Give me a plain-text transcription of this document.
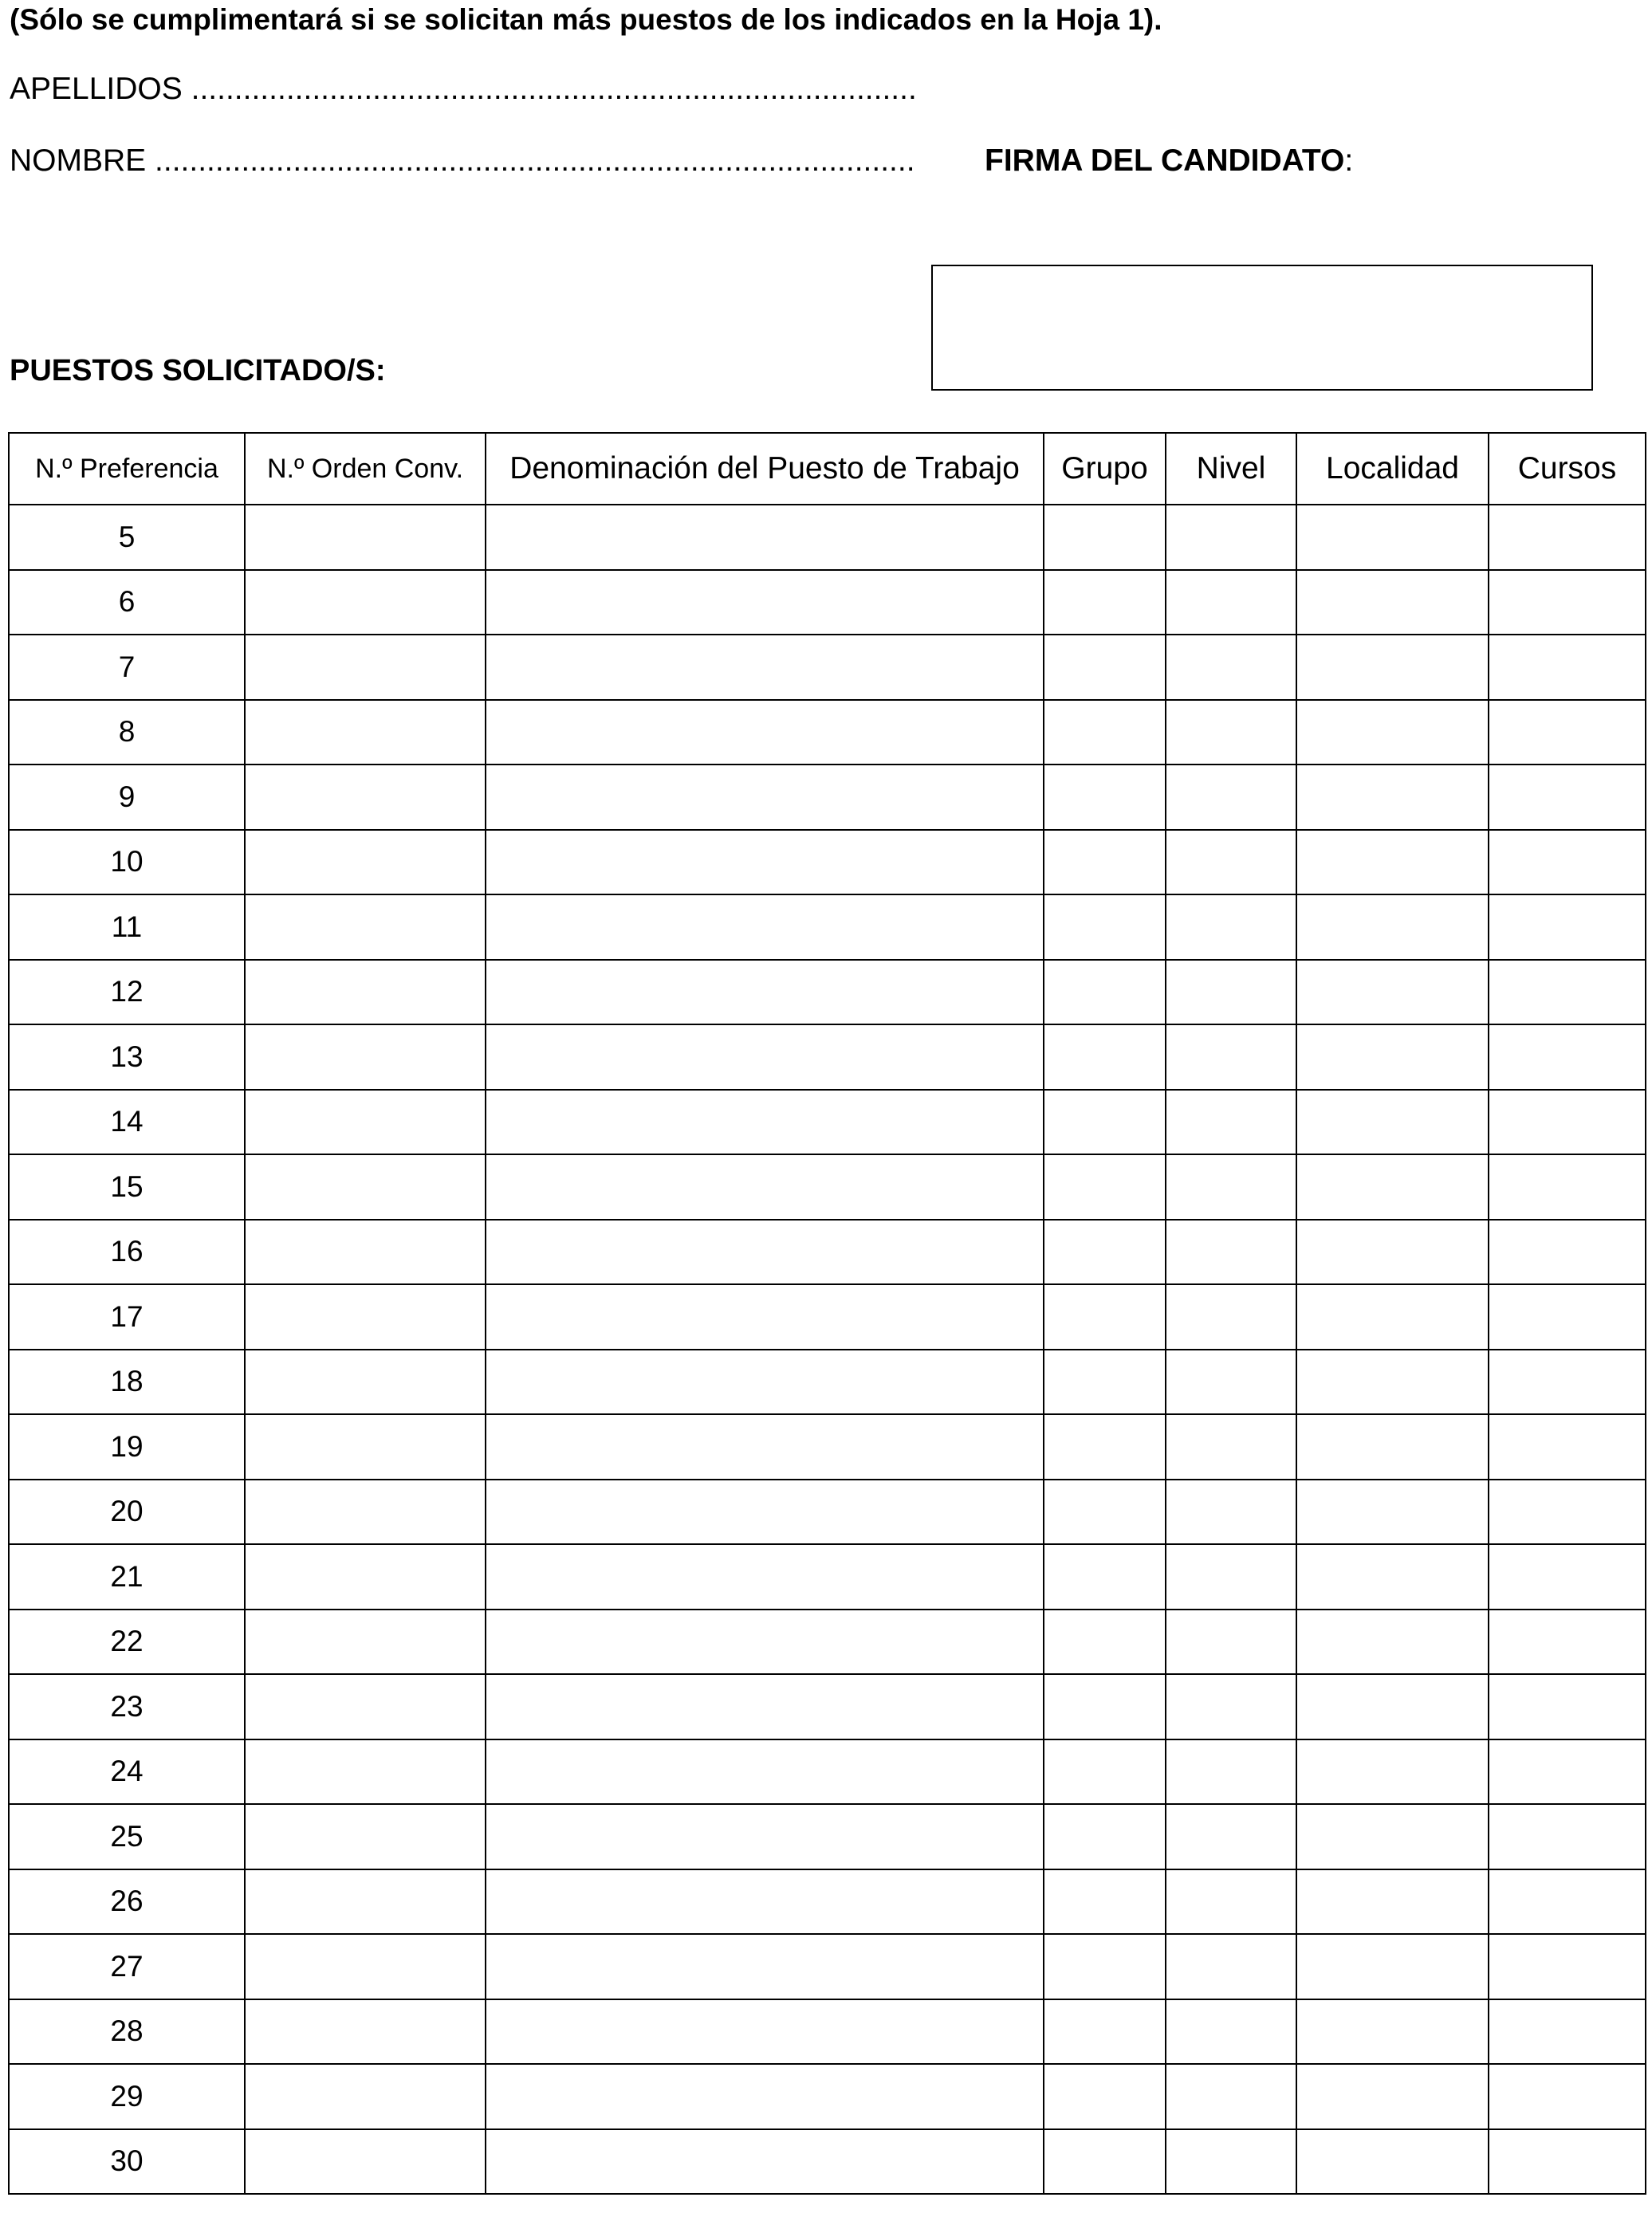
(Sólo se cumplimentará si se solicitan más puestos de los indicados en la Hoja 1).
APELLIDOS ....................................................................................
NOMBRE ........................................................................................ FIRMA DEL CANDIDATO:
PUESTOS SOLICITADO/S:
N.º Preferencia	N.º Orden Conv.	Denominación del Puesto de Trabajo	Grupo	Nivel	Localidad	Cursos
5						
6						
7						
8						
9						
10						
11						
12						
13						
14						
15						
16						
17						
18						
19						
20						
21						
22						
23						
24						
25						
26						
27						
28						
29						
30						
